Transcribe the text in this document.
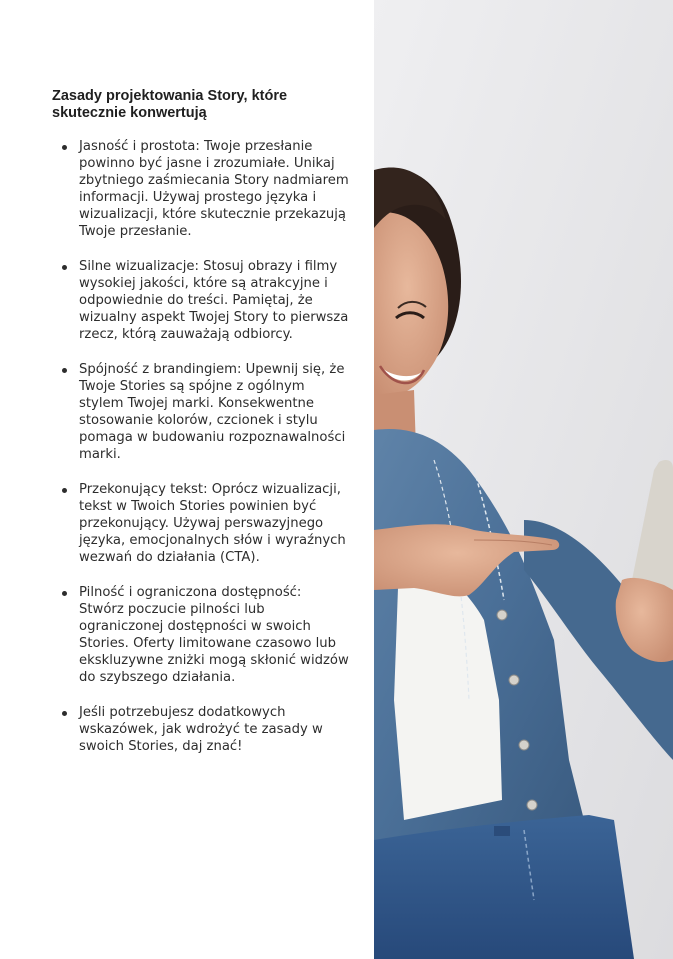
Zasady projektowania Story, które skutecznie konwertują
Jasność i prostota: Twoje przesłanie powinno być jasne i zrozumiałe. Unikaj zbytniego zaśmiecania Story nadmiarem informacji. Używaj prostego języka i wizualizacji, które skutecznie przekazują Twoje przesłanie.
Silne wizualizacje: Stosuj obrazy i filmy wysokiej jakości, które są atrakcyjne i odpowiednie do treści. Pamiętaj, że wizualny aspekt Twojej Story to pierwsza rzecz, którą zauważają odbiorcy.
Spójność z brandingiem: Upewnij się, że Twoje Stories są spójne z ogólnym stylem Twojej marki. Konsekwentne stosowanie kolorów, czcionek i stylu pomaga w budowaniu rozpoznawalności marki.
Przekonujący tekst: Oprócz wizualizacji, tekst w Twoich Stories powinien być przekonujący. Używaj perswazyjnego języka, emocjonalnych słów i wyraźnych wezwań do działania (CTA).
Pilność i ograniczona dostępność: Stwórz poczucie pilności lub ograniczonej dostępności w swoich Stories. Oferty limitowane czasowo lub ekskluzywne zniżki mogą skłonić widzów do szybszego działania.
Jeśli potrzebujesz dodatkowych wskazówek, jak wdrożyć te zasady w swoich Stories, daj znać!
